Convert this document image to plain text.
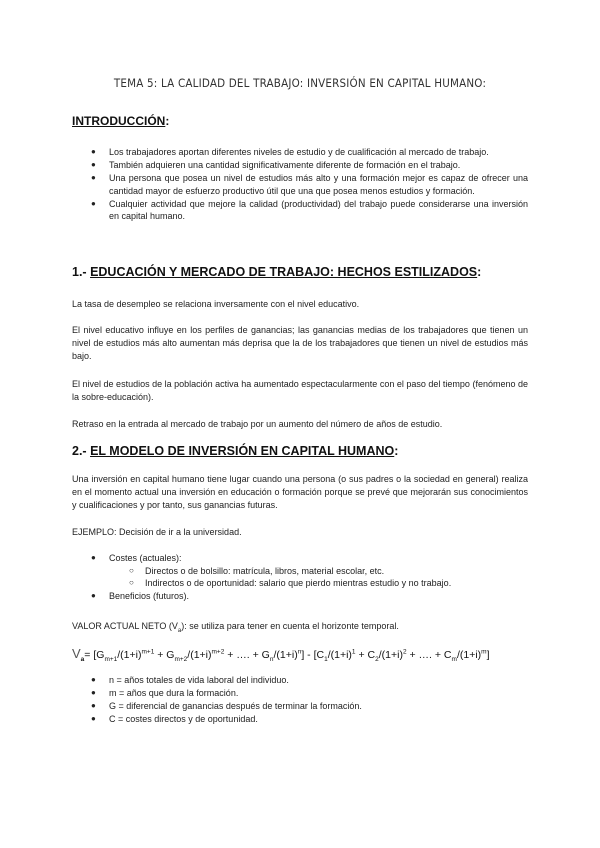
TEMA 5: LA CALIDAD DEL TRABAJO: INVERSIÓN EN CAPITAL HUMANO:
INTRODUCCIÓN:
● Los trabajadores aportan diferentes niveles de estudio y de cualificación al mercado de trabajo.
● También adquieren una cantidad significativamente diferente de formación en el trabajo.
● Una persona que posea un nivel de estudios más alto y una formación mejor es capaz de ofrecer una cantidad mayor de esfuerzo productivo útil que una que posea menos estudios y formación.
● Cualquier actividad que mejore la calidad (productividad) del trabajo puede considerarse una inversión en capital humano.
1.- EDUCACIÓN Y MERCADO DE TRABAJO: HECHOS ESTILIZADOS:
La tasa de desempleo se relaciona inversamente con el nivel educativo.
El nivel educativo influye en los perfiles de ganancias; las ganancias medias de los trabajadores que tienen un nivel de estudios más alto aumentan más deprisa que la de los trabajadores que tienen un nivel de estudios más bajo.
El nivel de estudios de la población activa ha aumentado espectacularmente con el paso del tiempo (fenómeno de la sobre-educación).
Retraso en la entrada al mercado de trabajo por un aumento del número de años de estudio.
2.- EL MODELO DE INVERSIÓN EN CAPITAL HUMANO:
Una inversión en capital humano tiene lugar cuando una persona (o sus padres o la sociedad en general) realiza en el momento actual una inversión en educación o formación porque se prevé que mejorarán sus conocimientos y cualificaciones y por tanto, sus ganancias futuras.
EJEMPLO: Decisión de ir a la universidad.
● Costes (actuales):
○ Directos o de bolsillo: matrícula, libros, material escolar, etc.
○ Indirectos o de oportunidad: salario que pierdo mientras estudio y no trabajo.
● Beneficios (futuros).
VALOR ACTUAL NETO $(V_a)$: se utiliza para tener en cuenta el horizonte temporal.
$V_a= [G_{m+1}/(1+i)^{m+1} + G_{m+2}/(1+i)^{m+2}$ + …. + $G_n/(1+i)^n] - [C_1/(1+i)^1 + C_2/(1+i)^2$ + …. + $C_m/(1+i)^m$]
● n = años totales de vida laboral del individuo.
● m = años que dura la formación.
● G = diferencial de ganancias después de terminar la formación.
● C = costes directos y de oportunidad.
